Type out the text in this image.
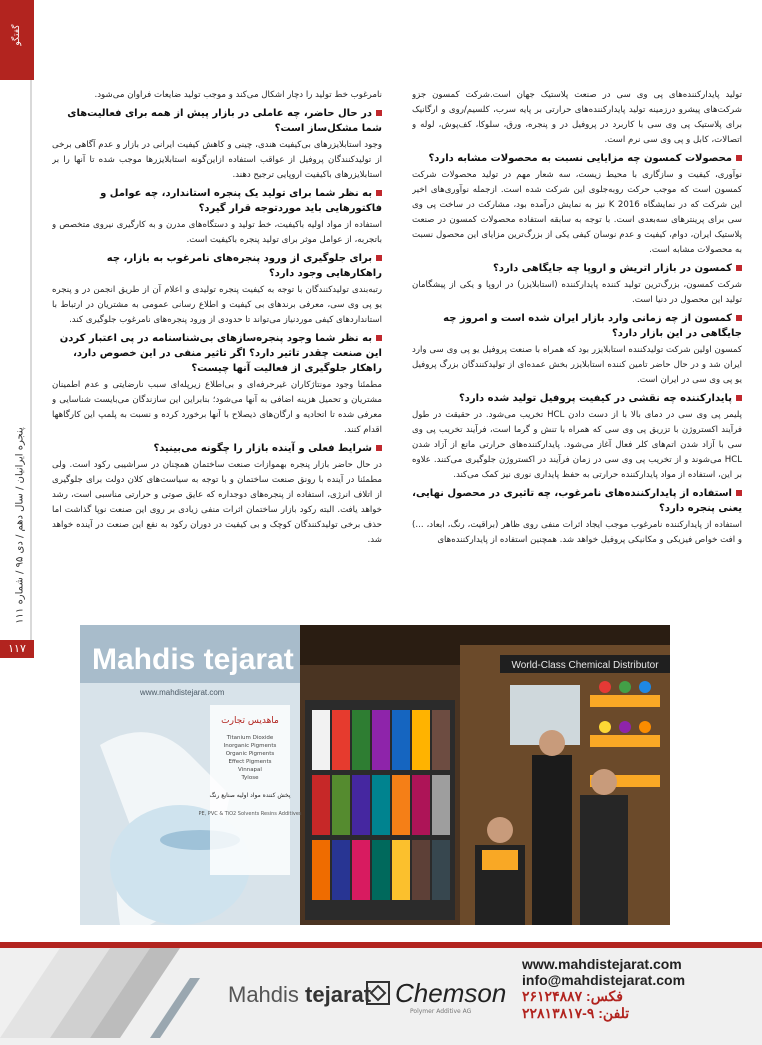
گفتگو
پنجره ایرانیان / سال دهم / دی ۹۵ / شماره ۱۱۱
۱۱۷

تولید پایدارکننده‌های پی وی سی در صنعت پلاستیک جهان است.شرکت کمسون جزو شرکت‌های پیشرو درزمینه تولید پایدارکننده‌های حرارتی بر پایه سرب، کلسیم/روی و ارگانیک برای پلاستیک پی وی سی با کاربرد در پروفیل در و پنجره، ورق، سلوکا، کف‌پوش، لوله و اتصالات، کابل و پی وی سی نرم است.

محصولات کمسون چه مزایایی نسبت به محصولات مشابه دارد؟

نوآوری، کیفیت و سازگاری با محیط زیست، سه شعار مهم در تولید محصولات شرکت کمسون است که موجب حرکت روبه‌جلوی این شرکت شده است. ازجمله نوآوری‌های اخیر این شرکت که در نمایشگاه K 2016 نیز به نمایش درآمده بود، مشارکت در ساخت پی وی سی برای پرینترهای سه‌بعدی است. با توجه به سابقه استفاده محصولات کمسون در صنعت پلاستیک ایران، دوام، کیفیت و عدم نوسان کیفی یکی از بزرگ‌ترین مزایای این محصول نسبت به محصولات مشابه است.

کمسون در بازار اتریش و اروپا چه جایگاهی دارد؟

شرکت کمسون، بزرگ‌ترین تولید کننده پایدارکننده (استابلایزر) در اروپا و یکی از پیشگامان تولید این محصول در دنیا است.

کمسون از چه زمانی وارد بازار ایران شده است و امروز چه جایگاهی در این بازار دارد؟

کمسون اولین شرکت تولیدکننده استابلایزر بود که همراه با صنعت پروفیل یو پی وی سی وارد ایران شد و در حال حاضر تامین کننده استابلایزر بخش عمده‌ای از تولیدکنندگان بزرگ پروفیل یو پی وی سی در ایران است.

پایدارکننده چه نقشی در کیفیت پروفیل تولید شده دارد؟

پلیمر پی وی سی در دمای بالا با از دست دادن HCL تخریب می‌شود. در حقیقت در طول فرآیند اکستروژن با تزریق پی وی سی که همراه با تنش و گرما است، فرآیند تخریب پی وی سی با آزاد شدن اتم‌های کلر فعال آغاز می‌شود. پایدارکننده‌های حرارتی مانع از آزاد شدن HCL می‌شوند و از تخریب پی وی سی در زمان فرآیند در اکستروژن جلوگیری می‌کنند. علاوه بر این، استفاده از مواد پایدارکننده حرارتی به حفظ پایداری نوری نیز کمک می‌کند.

استفاده از پایدارکننده‌های نامرغوب، چه تاثیری در محصول نهایی، یعنی پنجره دارد؟

استفاده از پایدارکننده نامرغوب موجب ایجاد اثرات منفی روی ظاهر (براقیت، رنگ، ابعاد، ...) و افت خواص فیزیکی و مکانیکی پروفیل خواهد شد. همچنین استفاده از پایدارکننده‌های

نامرغوب خط تولید را دچار اشکال می‌کند و موجب تولید ضایعات فراوان می‌شود.

در حال حاضر، چه عاملی در بازار پیش از همه برای فعالیت‌های شما مشکل‌ساز است؟

وجود استابلایزرهای بی‌کیفیت هندی، چینی و کاهش کیفیت ایرانی در بازار و عدم آگاهی برخی از تولیدکنندگان پروفیل از عواقب استفاده ازاین‌گونه استابلایزرها موجب شده تا آنها را بر استابلایزرهای باکیفیت اروپایی ترجیح دهند.

به نظر شما برای تولید یک پنجره استاندارد، چه عوامل و فاکتورهایی باید موردتوجه قرار گیرد؟

استفاده از مواد اولیه باکیفیت، خط تولید و دستگاه‌های مدرن و به کارگیری نیروی متخصص و باتجربه، از عوامل موثر برای تولید پنجره باکیفیت است.

برای جلوگیری از ورود پنجره‌های نامرغوب به بازار، چه راهکارهایی وجود دارد؟

رتبه‌بندی تولیدکنندگان با توجه به کیفیت پنجره تولیدی و اعلام آن از طریق انجمن در و پنجره یو پی وی سی، معرفی برندهای بی کیفیت و اطلاع رسانی عمومی به مشتریان در ارتباط با استانداردهای کیفی موردنیاز می‌تواند تا حدودی از ورود پنجره‌های نامرغوب جلوگیری کند.

به نظر شما وجود پنجره‌سازهای بی‌شناسنامه در پی اعتبار کردن این صنعت چقدر تاثیر دارد؟ اگر تاثیر منفی در این خصوص دارد، راهکار جلوگیری از فعالیت آنها چیست؟

مطمئنا وجود مونتاژکاران غیرحرفه‌ای و بی‌اطلاع زیرپله‌ای سبب نارضایتی و عدم اطمینان مشتریان و تحمیل هزینه اضافی به آنها می‌شود؛ بنابراین این سازندگان می‌بایست شناسایی و معرفی شده تا اتحادیه و ارگان‌های ذیصلاح با آنها برخورد کرده و نسبت به پلمپ این کارگاهها اقدام کنند.

شرایط فعلی و آینده بازار را چگونه می‌بینید؟

در حال حاضر بازار پنجره بهموازات صنعت ساختمان همچنان در سراشیبی رکود است. ولی مطمئنا در آینده با رونق صنعت ساختمان و با توجه به سیاست‌های کلان دولت برای جلوگیری از اتلاف انرژی، استفاده از پنجره‌های دوجداره که عایق صوتی و حرارتی مناسبی است، رشد خواهد یافت. البته رکود بازار ساختمان اثرات منفی زیادی بر روی این صنعت نوپا گذاشت اما حذف برخی تولیدکنندگان کوچک و بی کیفیت در دوران رکود به نفع این صنعت در آینده خواهد شد.

Mahdis tejarat
www.mahdistejarat.com
ماهدیس تجارت
Titanium Dioxide
Inorganic Pigments
Organic Pigments
Effect Pigments
Vinnapal
Tylose
پخش کننده مواد اولیه صنایع رنگ
PE, PVC & TiO2 Solvents Resins Additives
World-Class Chemical Distributor
Mahdis tejarat Chemson
Polymer Additive AG
www.mahdistejarat.com
info@mahdistejarat.com
فکس: ۲۶۱۲۴۸۸۷
تلفن: ۹-۲۲۸۱۳۸۱۷
